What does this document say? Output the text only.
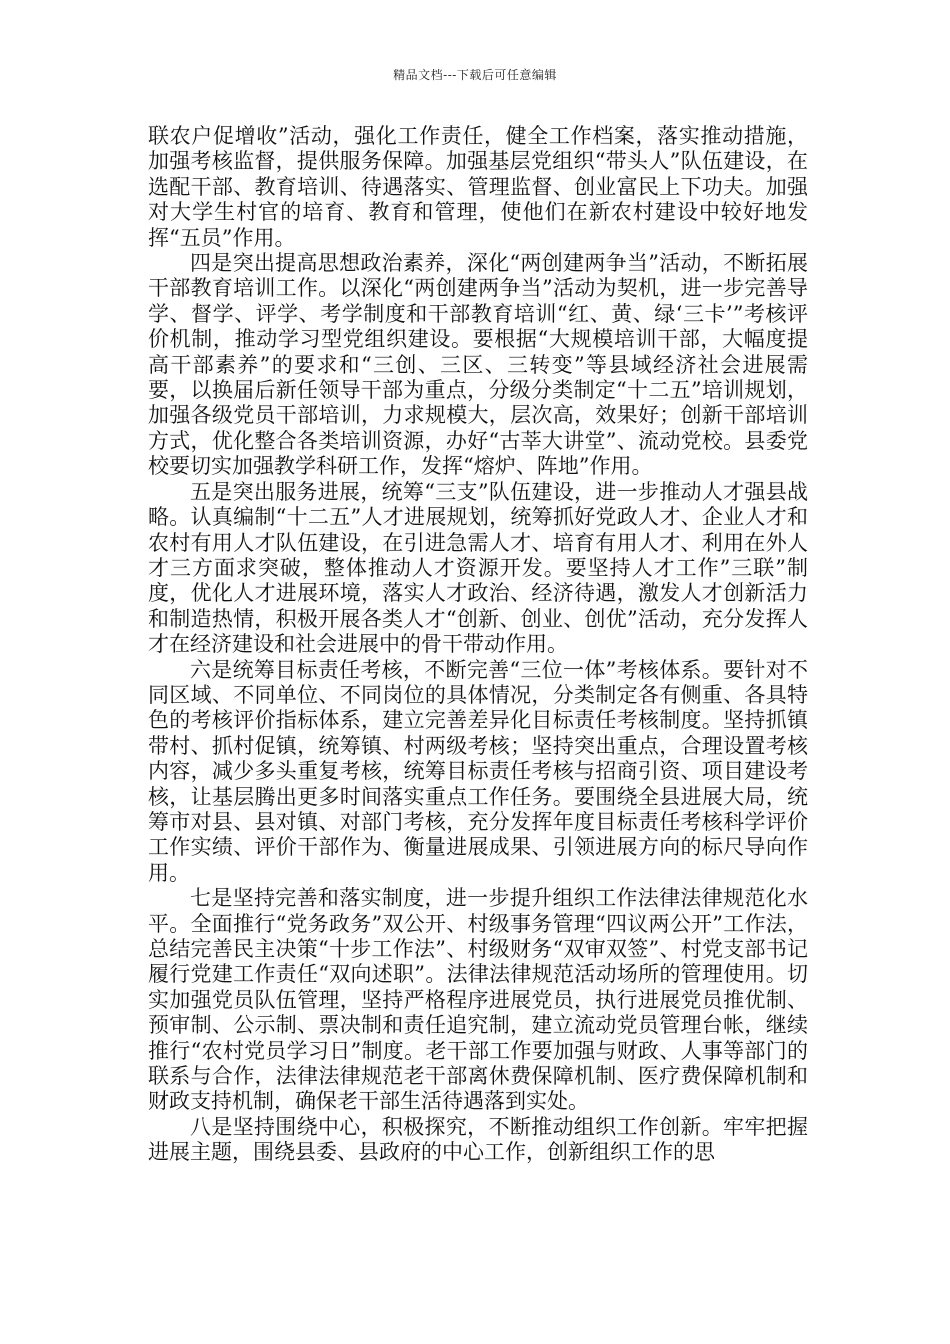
精品文档---下载后可任意编辑

联农户促增收”活动，强化工作责任，健全工作档案，落实推动措施，加强考核监督，提供服务保障。加强基层党组织“带头人”队伍建设，在选配干部、教育培训、待遇落实、管理监督、创业富民上下功夫。加强对大学生村官的培育、教育和管理，使他们在新农村建设中较好地发挥“五员”作用。

四是突出提高思想政治素养，深化“两创建两争当”活动，不断拓展干部教育培训工作。以深化“两创建两争当”活动为契机，进一步完善导学、督学、评学、考学制度和干部教育培训“红、黄、绿‘三卡’”考核评价机制，推动学习型党组织建设。要根据“大规模培训干部，大幅度提高干部素养”的要求和“三创、三区、三转变”等县域经济社会进展需要，以换届后新任领导干部为重点，分级分类制定“十二五”培训规划，加强各级党员干部培训，力求规模大，层次高，效果好；创新干部培训方式，优化整合各类培训资源，办好“古莘大讲堂”、流动党校。县委党校要切实加强教学科研工作，发挥“熔炉、阵地”作用。

五是突出服务进展，统筹“三支”队伍建设，进一步推动人才强县战略。认真编制“十二五”人才进展规划，统筹抓好党政人才、企业人才和农村有用人才队伍建设，在引进急需人才、培育有用人才、利用在外人才三方面求突破，整体推动人才资源开发。要坚持人才工作”三联”制度，优化人才进展环境，落实人才政治、经济待遇，激发人才创新活力和制造热情，积极开展各类人才“创新、创业、创优”活动，充分发挥人才在经济建设和社会进展中的骨干带动作用。

六是统筹目标责任考核，不断完善“三位一体”考核体系。要针对不同区域、不同单位、不同岗位的具体情况，分类制定各有侧重、各具特色的考核评价指标体系，建立完善差异化目标责任考核制度。坚持抓镇带村、抓村促镇，统筹镇、村两级考核；坚持突出重点，合理设置考核内容，减少多头重复考核，统筹目标责任考核与招商引资、项目建设考核，让基层腾出更多时间落实重点工作任务。要围绕全县进展大局，统筹市对县、县对镇、对部门考核，充分发挥年度目标责任考核科学评价工作实绩、评价干部作为、衡量进展成果、引领进展方向的标尺导向作用。

七是坚持完善和落实制度，进一步提升组织工作法律法律规范化水平。全面推行“党务政务”双公开、村级事务管理“四议两公开”工作法，总结完善民主决策“十步工作法”、村级财务“双审双签”、村党支部书记履行党建工作责任“双向述职”。法律法律规范活动场所的管理使用。切实加强党员队伍管理，坚持严格程序进展党员，执行进展党员推优制、预审制、公示制、票决制和责任追究制，建立流动党员管理台帐，继续推行“农村党员学习日”制度。老干部工作要加强与财政、人事等部门的联系与合作，法律法律规范老干部离休费保障机制、医疗费保障机制和财政支持机制，确保老干部生活待遇落到实处。

八是坚持围绕中心，积极探究，不断推动组织工作创新。牢牢把握进展主题，围绕县委、县政府的中心工作，创新组织工作的思
